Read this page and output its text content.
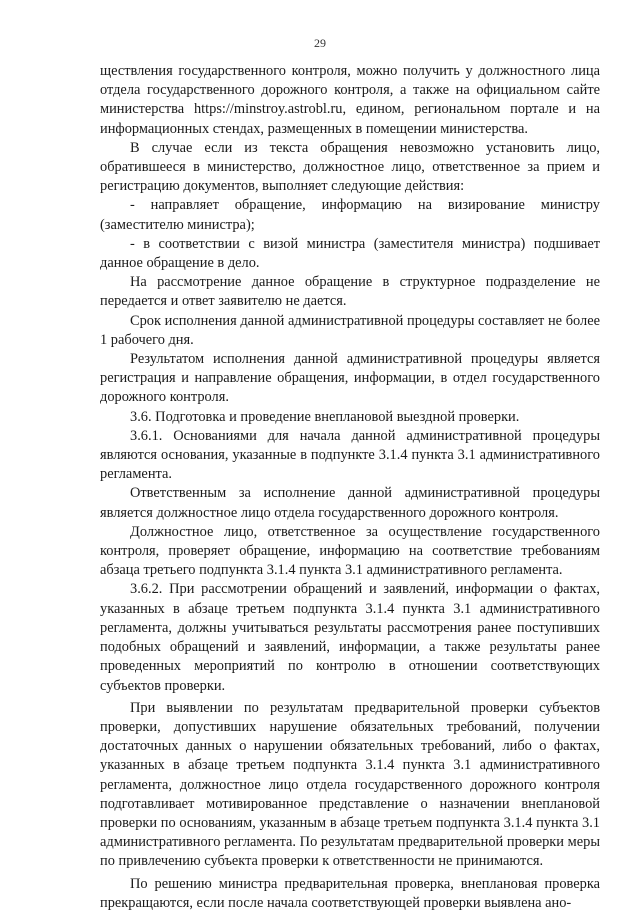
29

ществления государственного контроля, можно получить у должностного лица отдела государственного дорожного контроля, а также на официальном сайте министерства https://minstroy.astrobl.ru, едином, региональном портале и на информационных стендах, размещенных в помещении министерства.

В случае если из текста обращения невозможно установить лицо, обратившееся в министерство, должностное лицо, ответственное за прием и регистрацию документов, выполняет следующие действия:

- направляет обращение, информацию на визирование министру (заместителю министра);

- в соответствии с визой министра (заместителя министра) подшивает данное обращение в дело.

На рассмотрение данное обращение в структурное подразделение не передается и ответ заявителю не дается.

Срок исполнения данной административной процедуры составляет не более 1 рабочего дня.

Результатом исполнения данной административной процедуры является регистрация и направление обращения, информации, в отдел государственного дорожного контроля.

3.6. Подготовка и проведение внеплановой выездной проверки.

3.6.1. Основаниями для начала данной административной процедуры являются основания, указанные в подпункте 3.1.4 пункта 3.1 административного регламента.

Ответственным за исполнение данной административной процедуры является должностное лицо отдела государственного дорожного контроля.

Должностное лицо, ответственное за осуществление государственного контроля, проверяет обращение, информацию на соответствие требованиям абзаца третьего подпункта 3.1.4 пункта 3.1 административного регламента.

3.6.2. При рассмотрении обращений и заявлений, информации о фактах, указанных в абзаце третьем подпункта 3.1.4 пункта 3.1 административного регламента, должны учитываться результаты рассмотрения ранее поступивших подобных обращений и заявлений, информации, а также результаты ранее проведенных мероприятий по контролю в отношении соответствующих субъектов проверки.

При выявлении по результатам предварительной проверки субъектов проверки, допустивших нарушение обязательных требований, получении достаточных данных о нарушении обязательных требований, либо о фактах, указанных в абзаце третьем подпункта 3.1.4 пункта 3.1 административного регламента, должностное лицо отдела государственного дорожного контроля подготавливает мотивированное представление о назначении внеплановой проверки по основаниям, указанным в абзаце третьем подпункта 3.1.4 пункта 3.1 административного регламента. По результатам предварительной проверки меры по привлечению субъекта проверки к ответственности не принимаются.

По решению министра предварительная проверка, внеплановая проверка прекращаются, если после начала соответствующей проверки выявлена ано-
